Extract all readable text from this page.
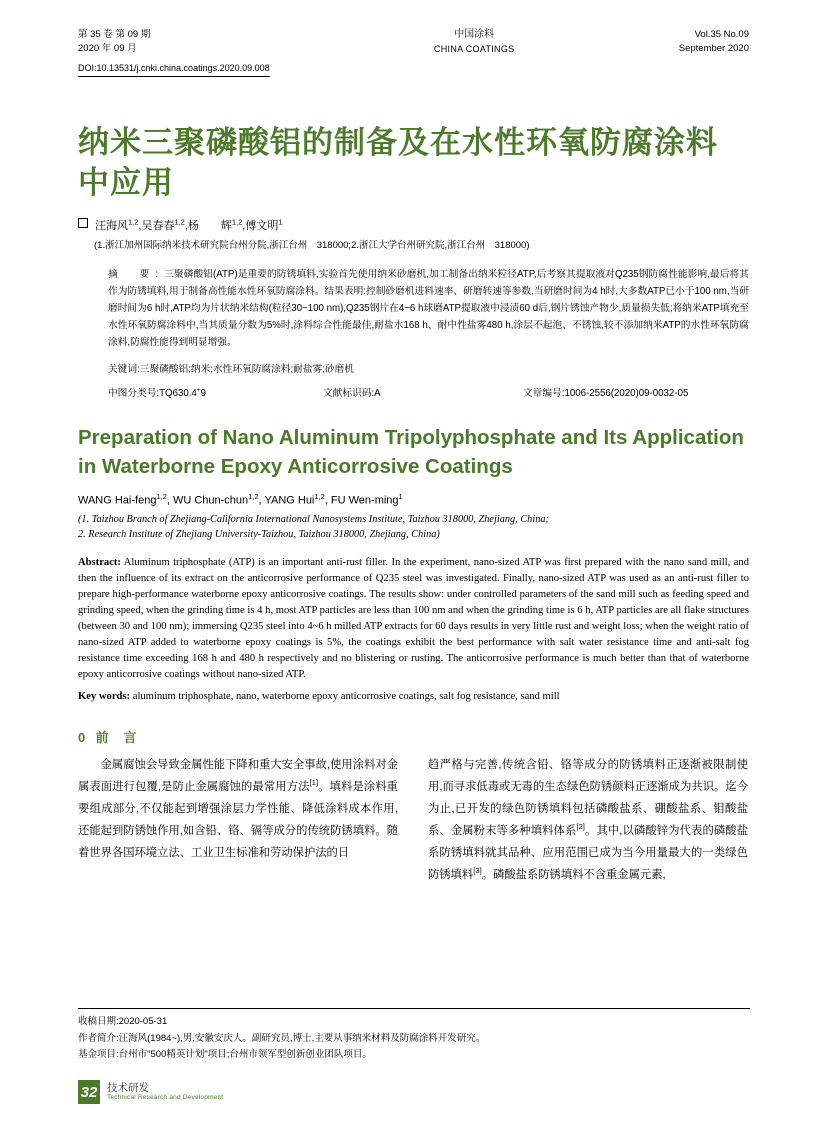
第 35 卷 第 09 期
2020 年 09 月
DOI:10.13531/j.cnki.china.coatings.2020.09.008
中国涂料
CHINA COATINGS
Vol.35 No.09
September 2020
纳米三聚磷酸铝的制备及在水性环氧防腐涂料中应用
汪海风$^{1,2}$,吴春春$^{1,2}$,杨　　辉$^{1,2}$,傅文明$^1$
(1.浙江加州国际纳米技术研究院台州分院,浙江台州　318000;2.浙江大学台州研究院,浙江台州　318000)
摘　要:三聚磷酸铝(ATP)是重要的防锈填料,实验首先使用纳米砂磨机,加工制备出纳米粒径ATP,后考察其提取液对Q235钢防腐性能影响,最后将其作为防锈填料,用于制备高性能水性环氧防腐涂料。结果表明:控制砂磨机进料速率、研磨转速等参数,当研磨时间为4 h时,大多数ATP已小于100 nm,当研磨时间为6 h时,ATP均为片状纳米结构(粒径30~100 nm),Q235钢片在4~6 h球磨ATP提取液中浸渍60 d后,钢片锈蚀产物少,质量损失低;将纳米ATP填充至水性环氧防腐涂料中,当其质量分数为5%时,涂料综合性能最佳,耐盐水168 h、耐中性盐雾480 h,涂层不起泡、不锈蚀,较不添加纳米ATP的水性环氧防腐涂料,防腐性能得到明显增强。
关键词:三聚磷酸铝;纳米;水性环氧防腐涂料;耐盐雾;砂磨机
中图分类号:TQ630.4+9	文献标识码:A	文章编号:1006-2556(2020)09-0032-05
Preparation of Nano Aluminum Tripolyphosphate and Its Application in Waterborne Epoxy Anticorrosive Coatings
WANG Hai-feng$^{1,2}$, WU Chun-chun$^{1,2}$, YANG Hui$^{1,2}$, FU Wen-ming$^1$
(1. Taizhou Branch of Zhejiang-California International Nanosystems Institute, Taizhou 318000, Zhejiang, China;
2. Research Institute of Zhejiang University-Taizhou, Taizhou 318000, Zhejiang, China)
Abstract: Aluminum triphosphate (ATP) is an important anti-rust filler. In the experiment, nano-sized ATP was first prepared with the nano sand mill, and then the influence of its extract on the anticorrosive performance of Q235 steel was investigated. Finally, nano-sized ATP was used as an anti-rust filler to prepare high-performance waterborne epoxy anticorrosive coatings. The results show: under controlled parameters of the sand mill such as feeding speed and grinding speed, when the grinding time is 4 h, most ATP particles are less than 100 nm and when the grinding time is 6 h, ATP particles are all flake structures (between 30 and 100 nm); immersing Q235 steel into 4~6 h milled ATP extracts for 60 days results in very little rust and weight loss; when the weight ratio of nano-sized ATP added to waterborne epoxy coatings is 5%, the coatings exhibit the best performance with salt water resistance time and anti-salt fog resistance time exceeding 168 h and 480 h respectively and no blistering or rusting. The anticorrosive performance is much better than that of waterborne epoxy anticorrosive coatings without nano-sized ATP.
Key words: aluminum triphosphate, nano, waterborne epoxy anticorrosive coatings, salt fog resistance, sand mill
0 前　言
金属腐蚀会导致金属性能下降和重大安全事故,使用涂料对金属表面进行包覆,是防止金属腐蚀的最常用方法[1]。填料是涂料重要组成部分,不仅能起到增强涂层力学性能、降低涂料成本作用,还能起到防锈蚀作用,如含铅、铬、镉等成分的传统防锈填料。随着世界各国环境立法、工业卫生标准和劳动保护法的日
趋严格与完善,传统含铅、铬等成分的防锈填料正逐渐被限制使用,而寻求低毒或无毒的生态绿色防锈颜料正逐渐成为共识。迄今为止,已开发的绿色防锈填料包括磷酸盐系、硼酸盐系、钼酸盐系、金属粉末等多种填料体系[2]。其中,以磷酸锌为代表的磷酸盐系防锈填料就其品种、应用范围已成为当今用量最大的一类绿色防锈填料[3]。磷酸盐系防锈填料不含重金属元素,
收稿日期:2020-05-31
作者简介:汪海风(1984~),男,安徽安庆人。副研究员,博士,主要从事纳米材料及防腐涂料开发研究。
基金项目:台州市"500精英计划"项目;台州市领军型创新创业团队项目。
32 技术研发
Technical Research and Development
